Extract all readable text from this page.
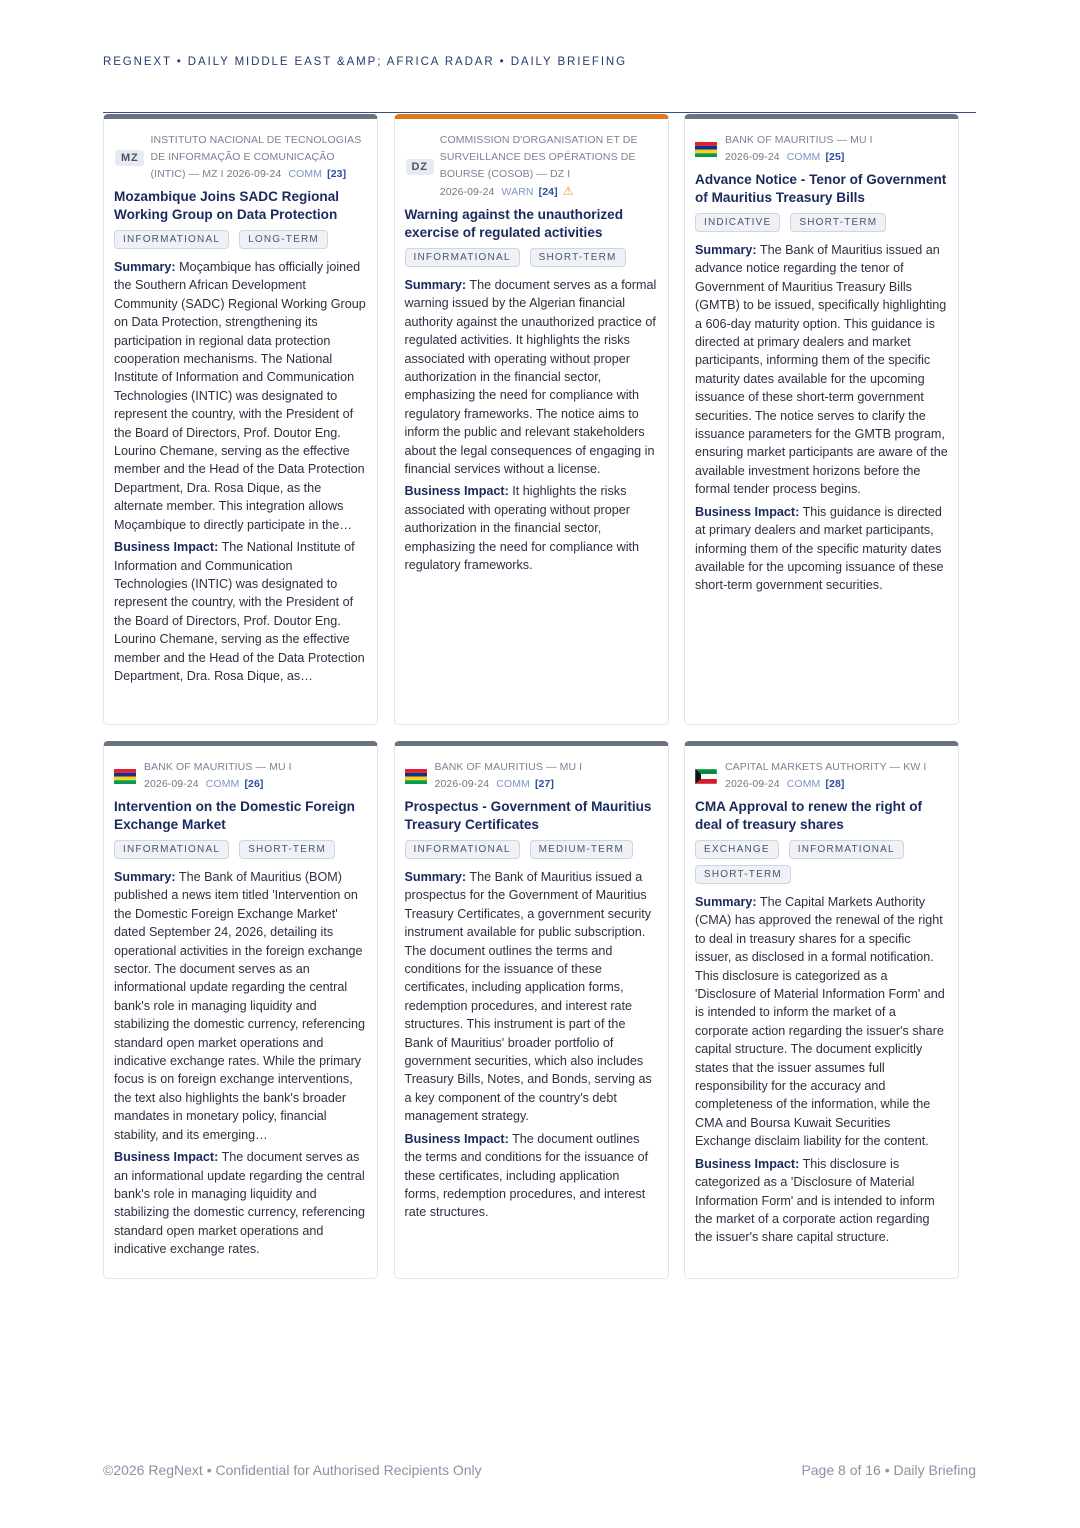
REGNEXT • DAILY MIDDLE EAST &AMP; AFRICA RADAR • DAILY BRIEFING
MZ
INSTITUTO NACIONAL DE TECNOLOGIAS DE INFORMAÇÃO E COMUNICAÇÃO (INTIC) — MZ I 2026-09-24 COMM [23]
Mozambique Joins SADC Regional Working Group on Data Protection
INFORMATIONAL	LONG-TERM

Summary: Moçambique has officially joined the Southern African Development Community (SADC) Regional Working Group on Data Protection, strengthening its participation in regional data protection cooperation mechanisms. The National Institute of Information and Communication Technologies (INTIC) was designated to represent the country, with the President of the Board of Directors, Prof. Doutor Eng. Lourino Chemane, serving as the effective member and the Head of the Data Protection Department, Dra. Rosa Dique, as the alternate member. This integration allows Moçambique to directly participate in the…

Business Impact: The National Institute of Information and Communication Technologies (INTIC) was designated to represent the country, with the President of the Board of Directors, Prof. Doutor Eng. Lourino Chemane, serving as the effective member and the Head of the Data Protection Department, Dra. Rosa Dique, as…

DZ
COMMISSION D'ORGANISATION ET DE SURVEILLANCE DES OPÉRATIONS DE BOURSE (COSOB) — DZ I
2026-09-24 WARN [24] ⚠
Warning against the unauthorized exercise of regulated activities
INFORMATIONAL	SHORT-TERM

Summary: The document serves as a formal warning issued by the Algerian financial authority against the unauthorized practice of regulated activities. It highlights the risks associated with operating without proper authorization in the financial sector, emphasizing the need for compliance with regulatory frameworks. The notice aims to inform the public and relevant stakeholders about the legal consequences of engaging in financial services without a license.

Business Impact: It highlights the risks associated with operating without proper authorization in the financial sector, emphasizing the need for compliance with regulatory frameworks.

BANK OF MAURITIUS — MU I
2026-09-24 COMM [25]
Advance Notice - Tenor of Government of Mauritius Treasury Bills
INDICATIVE	SHORT-TERM

Summary: The Bank of Mauritius issued an advance notice regarding the tenor of Government of Mauritius Treasury Bills (GMTB) to be issued, specifically highlighting a 606-day maturity option. This guidance is directed at primary dealers and market participants, informing them of the specific maturity dates available for the upcoming issuance of these short-term government securities. The notice serves to clarify the issuance parameters for the GMTB program, ensuring market participants are aware of the available investment horizons before the formal tender process begins.

Business Impact: This guidance is directed at primary dealers and market participants, informing them of the specific maturity dates available for the upcoming issuance of these short-term government securities.

BANK OF MAURITIUS — MU I
2026-09-24 COMM [26]
Intervention on the Domestic Foreign Exchange Market
INFORMATIONAL	SHORT-TERM

Summary: The Bank of Mauritius (BOM) published a news item titled 'Intervention on the Domestic Foreign Exchange Market' dated September 24, 2026, detailing its operational activities in the foreign exchange sector. The document serves as an informational update regarding the central bank's role in managing liquidity and stabilizing the domestic currency, referencing standard open market operations and indicative exchange rates. While the primary focus is on foreign exchange interventions, the text also highlights the bank's broader mandates in monetary policy, financial stability, and its emerging…

Business Impact: The document serves as an informational update regarding the central bank's role in managing liquidity and stabilizing the domestic currency, referencing standard open market operations and indicative exchange rates.

BANK OF MAURITIUS — MU I
2026-09-24 COMM [27]
Prospectus - Government of Mauritius Treasury Certificates
INFORMATIONAL	MEDIUM-TERM

Summary: The Bank of Mauritius issued a prospectus for the Government of Mauritius Treasury Certificates, a government security instrument available for public subscription. The document outlines the terms and conditions for the issuance of these certificates, including application forms, redemption procedures, and interest rate structures. This instrument is part of the Bank of Mauritius' broader portfolio of government securities, which also includes Treasury Bills, Notes, and Bonds, serving as a key component of the country's debt management strategy.

Business Impact: The document outlines the terms and conditions for the issuance of these certificates, including application forms, redemption procedures, and interest rate structures.

CAPITAL MARKETS AUTHORITY — KW I
2026-09-24 COMM [28]
CMA Approval to renew the right of deal of treasury shares
EXCHANGE	INFORMATIONAL
SHORT-TERM

Summary: The Capital Markets Authority (CMA) has approved the renewal of the right to deal in treasury shares for a specific issuer, as disclosed in a formal notification. This disclosure is categorized as a 'Disclosure of Material Information Form' and is intended to inform the market of a corporate action regarding the issuer's share capital structure. The document explicitly states that the issuer assumes full responsibility for the accuracy and completeness of the information, while the CMA and Boursa Kuwait Securities Exchange disclaim liability for the content.

Business Impact: This disclosure is categorized as a 'Disclosure of Material Information Form' and is intended to inform the market of a corporate action regarding the issuer's share capital structure.

©2026 RegNext • Confidential for Authorised Recipients Only	Page 8 of 16 • Daily Briefing
